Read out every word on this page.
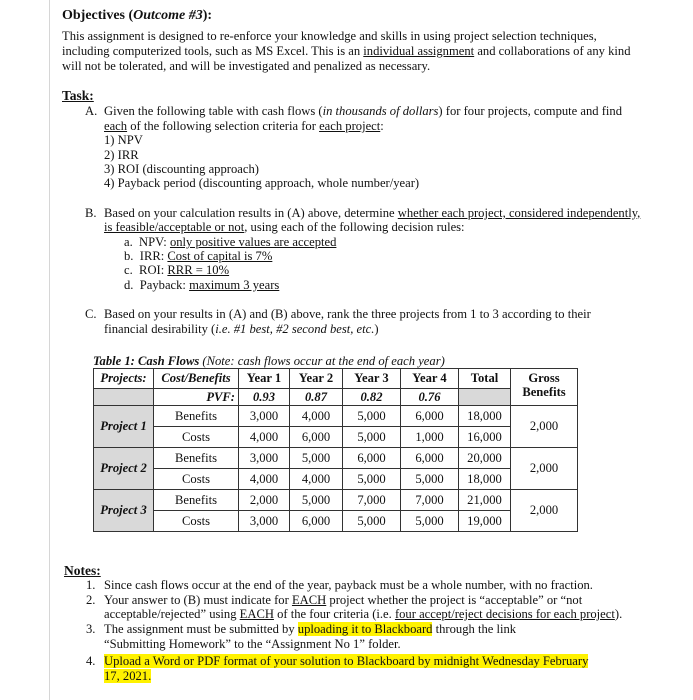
Objectives (Outcome #3):
This assignment is designed to re-enforce your knowledge and skills in using project selection techniques,
including computerized tools, such as MS Excel. This is an individual assignment and collaborations of any kind
will not be tolerated, and will be investigated and penalized as necessary.
Task:
A. Given the following table with cash flows (in thousands of dollars) for four projects, compute and find
each of the following selection criteria for each project:
1) NPV
2) IRR
3) ROI (discounting approach)
4) Payback period (discounting approach, whole number/year)
B. Based on your calculation results in (A) above, determine whether each project, considered independently,
is feasible/acceptable or not, using each of the following decision rules:
a. NPV: only positive values are accepted
b. IRR: Cost of capital is 7%
c. ROI: RRR = 10%
d. Payback: maximum 3 years
C. Based on your results in (A) and (B) above, rank the three projects from 1 to 3 according to their
financial desirability (i.e. #1 best, #2 second best, etc.)
Table 1: Cash Flows (Note: cash flows occur at the end of each year)
Projects:	Cost/Benefits	Year 1	Year 2	Year 3	Year 4	Total	Gross Benefits
	PVF:	0.93	0.87	0.82	0.76		
Project 1	Benefits	3,000	4,000	5,000	6,000	18,000	2,000
	Costs	4,000	6,000	5,000	1,000	16,000	
Project 2	Benefits	3,000	5,000	6,000	6,000	20,000	2,000
	Costs	4,000	4,000	5,000	5,000	18,000	
Project 3	Benefits	2,000	5,000	7,000	7,000	21,000	2,000
	Costs	3,000	6,000	5,000	5,000	19,000	
Notes:
1. Since cash flows occur at the end of the year, payback must be a whole number, with no fraction.
2. Your answer to (B) must indicate for EACH project whether the project is “acceptable” or “not
acceptable/rejected” using EACH of the four criteria (i.e. four accept/reject decisions for each project).
3. The assignment must be submitted by uploading it to Blackboard through the link
“Submitting Homework” to the “Assignment No 1” folder.
4. Upload a Word or PDF format of your solution to Blackboard by midnight Wednesday February
17, 2021.
